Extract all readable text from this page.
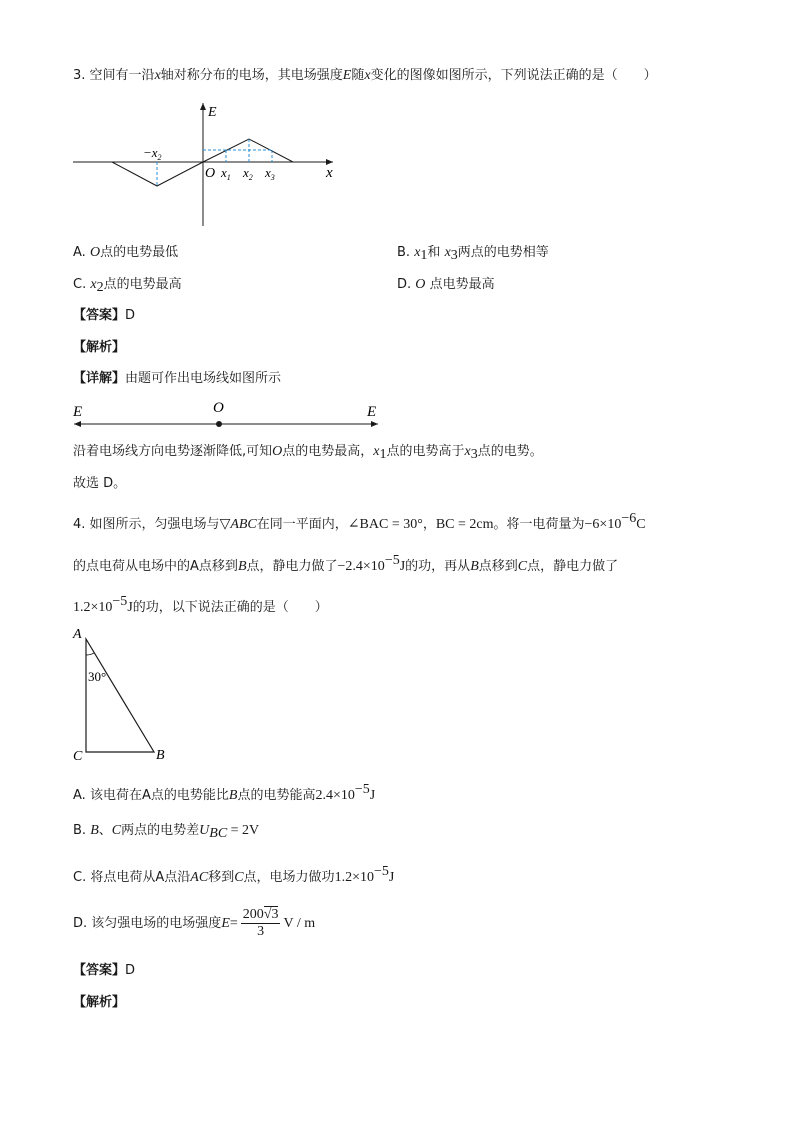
3. 空间有一沿x轴对称分布的电场，其电场强度E随x变化的图像如图所示，下列说法正确的是（　　）
E
$-x_2$
O $x_1$ $x_2$ $x_3$	x
E	O	E
A
30°
C	B
A. O点的电势最低	B. $x_1$和 $x_3$两点的电势相等
C. $x_2$点的电势最高	D. O 点电势最高
【答案】D
【解析】
【详解】由题可作出电场线如图所示
沿着电场线方向电势逐渐降低,可知O点的电势最高，$x_1$点的电势高于$x_3$点的电势。
故选 D。
4. 如图所示，匀强电场与▽ABC在同一平面内，∠BAC = 30°，BC = 2cm。将一电荷量为$-6\times 10^{-6}C$
的点电荷从电场中的A点移到B点，静电力做了$-2.4\times 10^{-5}J$的功，再从B点移到C点，静电力做了
$1.2\times 10^{-5}J$的功，以下说法正确的是（　　）
A. 该电荷在A点的电势能比B点的电势能高$2.4\times 10^{-5}J$
B. B、C两点的电势差$U_{BC} = 2V$
C. 将点电荷从A点沿AC移到C点，电场力做功$1.2\times 10^{-5}J$
D. 该匀强电场的电场强度$E= \frac{200√3}{3}$ V / m
【答案】D
【解析】
